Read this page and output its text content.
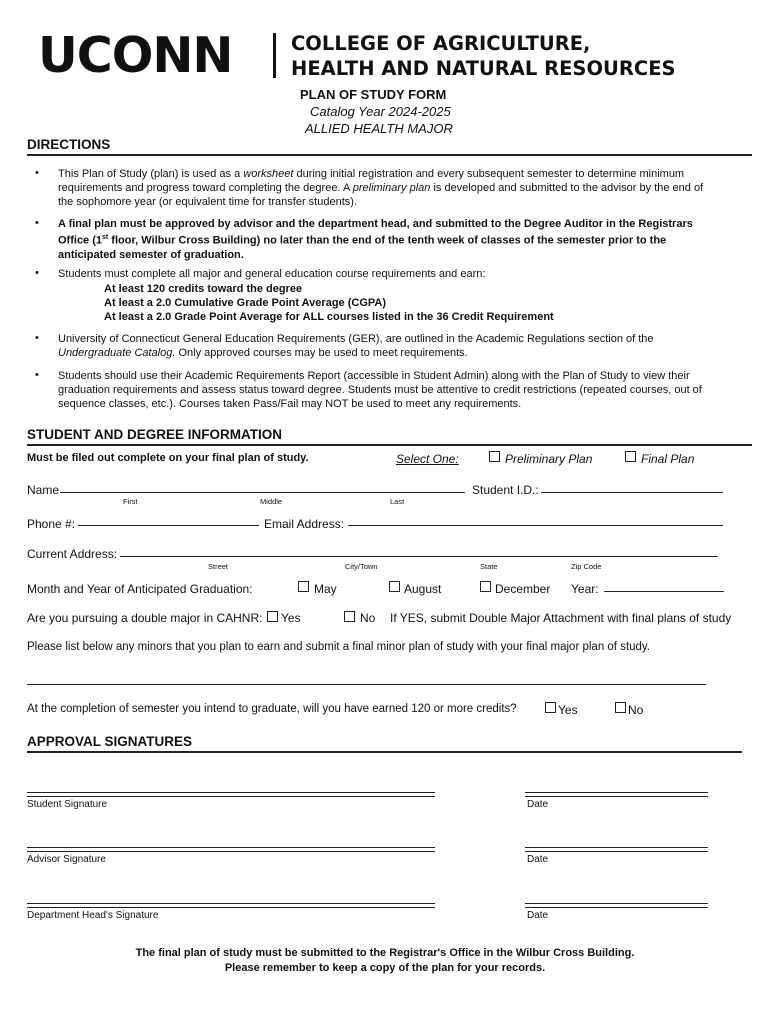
UCONN	COLLEGE OF AGRICULTURE,
HEALTH AND NATURAL RESOURCES
PLAN OF STUDY FORM
Catalog Year 2024-2025
ALLIED HEALTH MAJOR
DIRECTIONS
• This Plan of Study (plan) is used as a worksheet during initial registration and every subsequent semester to determine minimum requirements and progress toward completing the degree. A preliminary plan is developed and submitted to the advisor by the end of the sophomore year (or equivalent time for transfer students).
• A final plan must be approved by advisor and the department head, and submitted to the Degree Auditor in the Registrars Office (1st floor, Wilbur Cross Building) no later than the end of the tenth week of classes of the semester prior to the anticipated semester of graduation.
• Students must complete all major and general education course requirements and earn:
At least 120 credits toward the degree
At least a 2.0 Cumulative Grade Point Average (CGPA)
At least a 2.0 Grade Point Average for ALL courses listed in the 36 Credit Requirement
• University of Connecticut General Education Requirements (GER), are outlined in the Academic Regulations section of the Undergraduate Catalog. Only approved courses may be used to meet requirements.
• Students should use their Academic Requirements Report (accessible in Student Admin) along with the Plan of Study to view their graduation requirements and assess status toward degree. Students must be attentive to credit restrictions (repeated courses, out of sequence classes, etc.). Courses taken Pass/Fail may NOT be used to meet any requirements.
STUDENT AND DEGREE INFORMATION
Must be filed out complete on your final plan of study.	Select One:	Preliminary Plan	Final Plan
Name
First	Middle	Last
Student I.D.:
Phone #:	Email Address:
Current Address:
Street	City/Town	State	Zip Code
Month and Year of Anticipated Graduation:	May	August	December Year:
Are you pursuing a double major in CAHNR: Yes	No If YES, submit Double Major Attachment with final plans of study
Please list below any minors that you plan to earn and submit a final minor plan of study with your final major plan of study.
At the completion of semester you intend to graduate, will you have earned 120 or more credits?	Yes	No
APPROVAL SIGNATURES
Student Signature	Date
Advisor Signature	Date
Department Head's Signature	Date
The final plan of study must be submitted to the Registrar's Office in the Wilbur Cross Building.
Please remember to keep a copy of the plan for your records.
